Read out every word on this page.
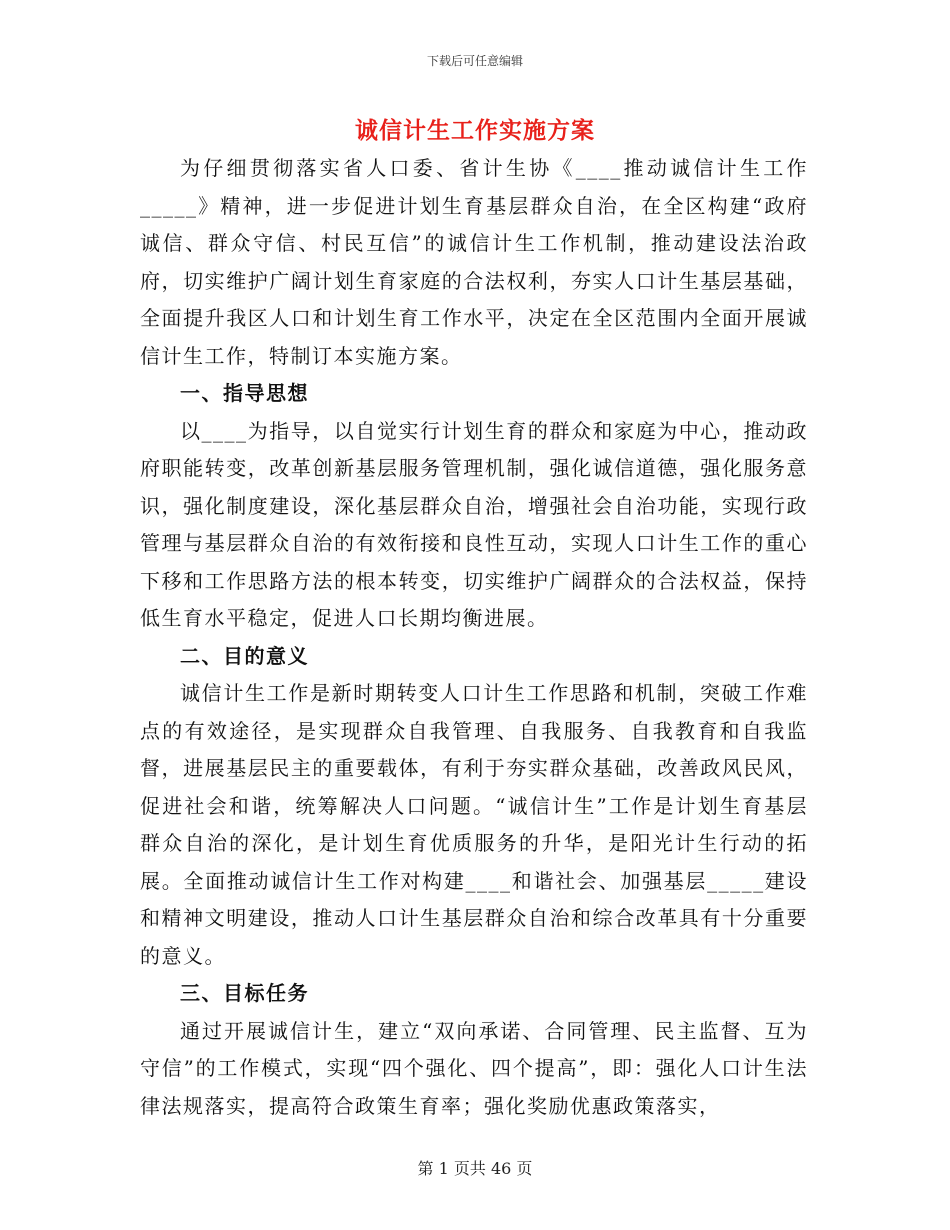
下载后可任意编辑
诚信计生工作实施方案

为仔细贯彻落实省人口委、省计生协《____推动诚信计生工作_____》精神，进一步促进计划生育基层群众自治，在全区构建“政府诚信、群众守信、村民互信”的诚信计生工作机制，推动建设法治政府，切实维护广阔计划生育家庭的合法权利，夯实人口计生基层基础，全面提升我区人口和计划生育工作水平，决定在全区范围内全面开展诚信计生工作，特制订本实施方案。

一、指导思想

以____为指导，以自觉实行计划生育的群众和家庭为中心，推动政府职能转变，改革创新基层服务管理机制，强化诚信道德，强化服务意识，强化制度建设，深化基层群众自治，增强社会自治功能，实现行政管理与基层群众自治的有效衔接和良性互动，实现人口计生工作的重心下移和工作思路方法的根本转变，切实维护广阔群众的合法权益，保持低生育水平稳定，促进人口长期均衡进展。

二、目的意义

诚信计生工作是新时期转变人口计生工作思路和机制，突破工作难点的有效途径，是实现群众自我管理、自我服务、自我教育和自我监督，进展基层民主的重要载体，有利于夯实群众基础，改善政风民风，促进社会和谐，统筹解决人口问题。“诚信计生”工作是计划生育基层群众自治的深化，是计划生育优质服务的升华，是阳光计生行动的拓展。全面推动诚信计生工作对构建____和谐社会、加强基层_____建设和精神文明建设，推动人口计生基层群众自治和综合改革具有十分重要的意义。

三、目标任务

通过开展诚信计生，建立“双向承诺、合同管理、民主监督、互为守信”的工作模式，实现“四个强化、四个提高”，即：强化人口计生法律法规落实，提高符合政策生育率；强化奖励优惠政策落实，

第 1 页共 46 页
